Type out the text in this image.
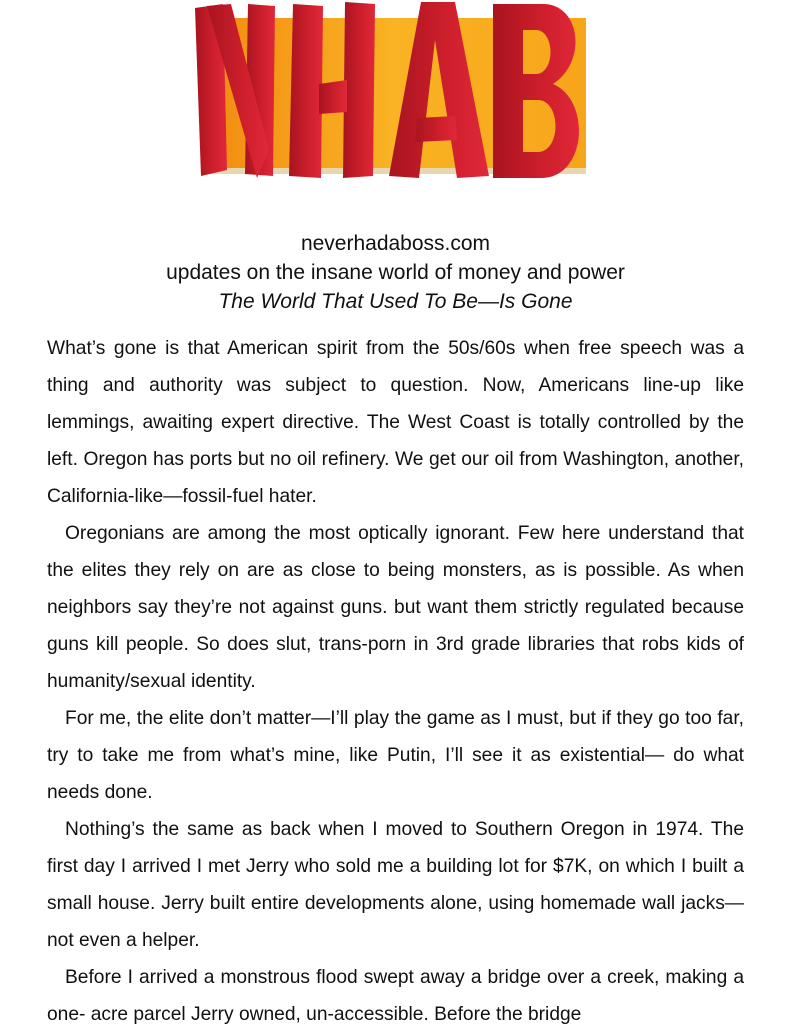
neverhadaboss.com
updates on the insane world of money and power
The World That Used To Be—Is Gone

What’s gone is that American spirit from the 50s/60s when free speech was a thing and authority was subject to question. Now, Americans line-up like lemmings, awaiting expert directive. The West Coast is totally controlled by the left. Oregon has ports but no oil refinery. We get our oil from Washington, another, California-like—fossil-fuel hater.

Oregonians are among the most optically ignorant. Few here understand that the elites they rely on are as close to being monsters, as is possible. As when neighbors say they’re not against guns. but want them strictly regulated because guns kill people. So does slut, trans-porn in 3rd grade libraries that robs kids of humanity/sexual identity.

For me, the elite don’t matter—I’ll play the game as I must, but if they go too far, try to take me from what’s mine, like Putin, I’ll see it as existential— do what needs done.

Nothing’s the same as back when I moved to Southern Oregon in 1974. The first day I arrived I met Jerry who sold me a building lot for $7K, on which I built a small house. Jerry built entire developments alone, using homemade wall jacks—not even a helper.

Before I arrived a monstrous flood swept away a bridge over a creek, making a one- acre parcel Jerry owned, un-accessible. Before the bridge
